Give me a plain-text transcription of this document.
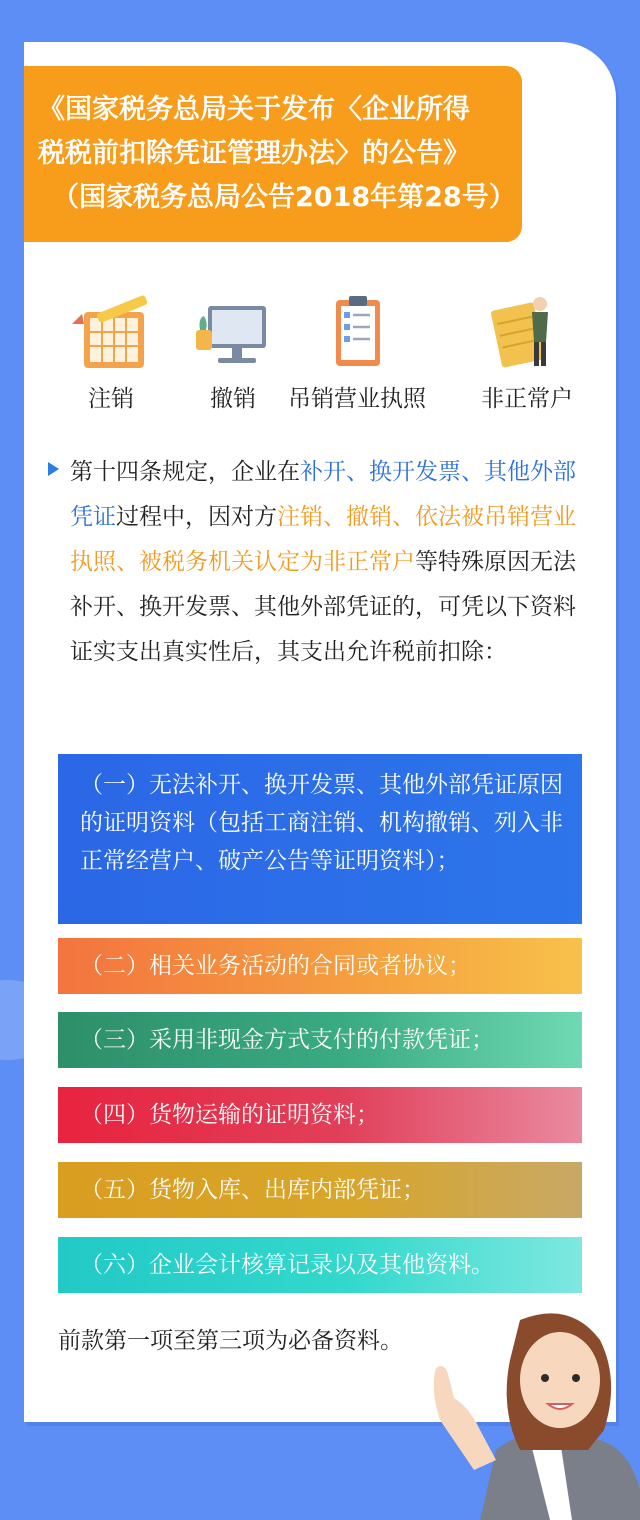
《国家税务总局关于发布〈企业所得
税税前扣除凭证管理办法〉的公告》
（国家税务总局公告2018年第28号）
注销	撤销	吊销营业执照	非正常户
第十四条规定，企业在补开、换开发票、其他外部凭证过程中，因对方注销、撤销、依法被吊销营业执照、被税务机关认定为非正常户等特殊原因无法补开、换开发票、其他外部凭证的，可凭以下资料证实支出真实性后，其支出允许税前扣除：
（一）无法补开、换开发票、其他外部凭证原因的证明资料（包括工商注销、机构撤销、列入非正常经营户、破产公告等证明资料）；
（二）相关业务活动的合同或者协议；
（三）采用非现金方式支付的付款凭证；
（四）货物运输的证明资料；
（五）货物入库、出库内部凭证；
（六）企业会计核算记录以及其他资料。
前款第一项至第三项为必备资料。
